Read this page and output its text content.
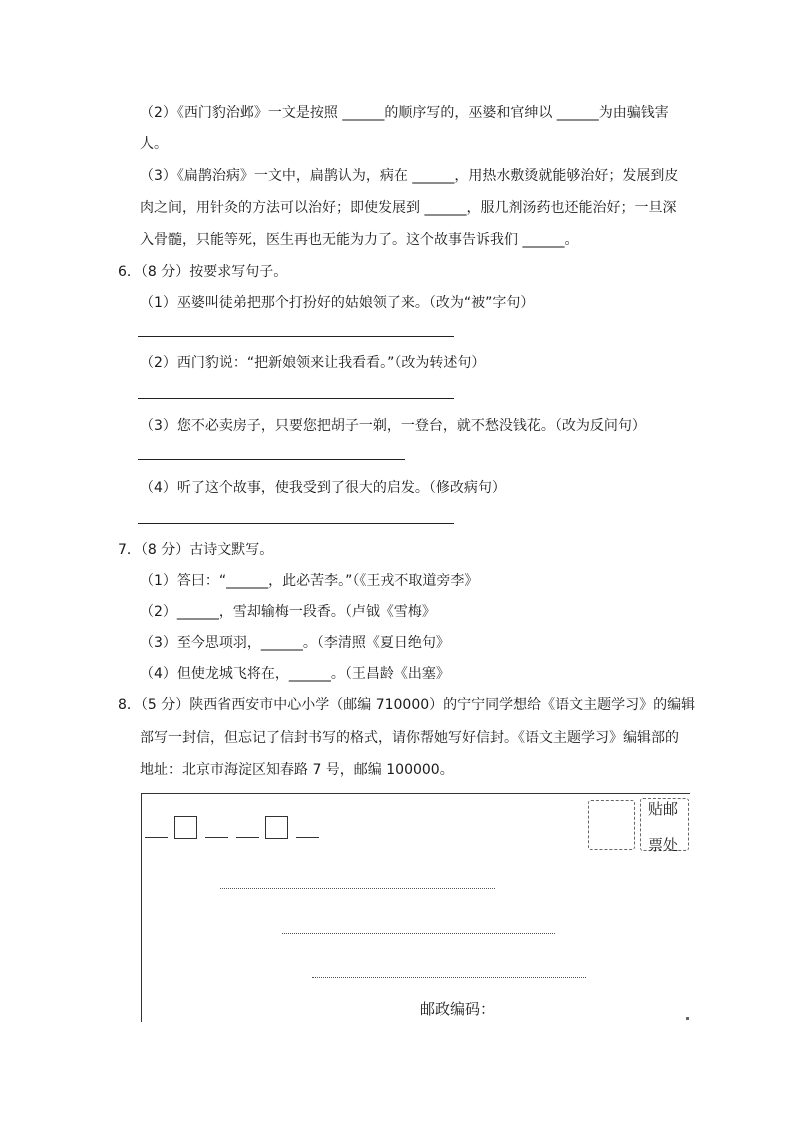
（2）《西门豹治邺》一文是按照 ______的顺序写的，巫婆和官绅以 ______为由骗钱害
人。
（3）《扁鹊治病》一文中，扁鹊认为，病在 ______，用热水敷烫就能够治好；发展到皮
肉之间，用针灸的方法可以治好；即使发展到 ______，服几剂汤药也还能治好；一旦深
入骨髓，只能等死，医生再也无能为力了。这个故事告诉我们 ______。
6．（8 分）按要求写句子。
（1）巫婆叫徒弟把那个打扮好的姑娘领了来。（改为“被”字句）
（2）西门豹说：“把新娘领来让我看看。”（改为转述句）
（3）您不必卖房子，只要您把胡子一剃，一登台，就不愁没钱花。（改为反问句）
（4）听了这个故事，使我受到了很大的启发。（修改病句）
7．（8 分）古诗文默写。
（1）答曰：“______，此必苦李。”（《王戎不取道旁李》
（2）______，雪却输梅一段香。（卢钺《雪梅》
（3）至今思项羽，______。（李清照《夏日绝句》
（4）但使龙城飞将在，______。（王昌龄《出塞》
8．（5 分）陕西省西安市中心小学（邮编 710000）的宁宁同学想给《语文主题学习》的编辑
部写一封信，但忘记了信封书写的格式，请你帮她写好信封。《语文主题学习》编辑部的
地址：北京市海淀区知春路 7 号，邮编 100000。
贴邮
票处
邮政编码：
